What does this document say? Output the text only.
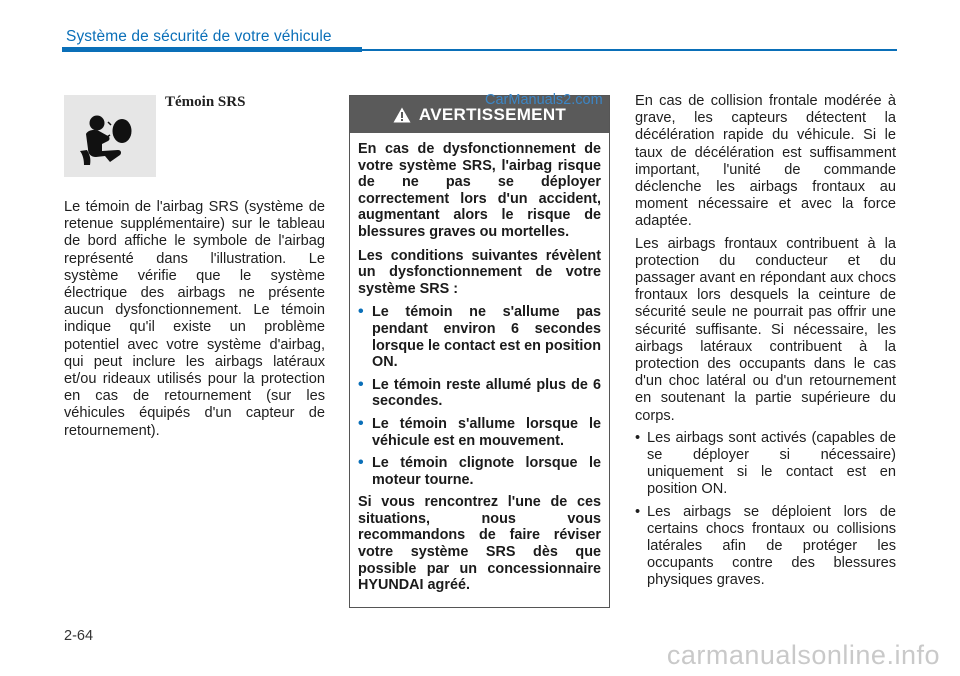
Système de sécurité de votre véhicule
Témoin SRS

Le témoin de l'airbag SRS (système de retenue supplémentaire) sur le tableau de bord affiche le symbole de l'airbag représenté dans l'illustration. Le système vérifie que le système électrique des airbags ne présente aucun dysfonctionnement. Le témoin indique qu'il existe un problème potentiel avec votre système d'airbag, qui peut inclure les airbags latéraux et/ou rideaux utilisés pour la protection en cas de retournement (sur les véhicules équipés d'un capteur de retournement).

AVERTISSEMENT

En cas de dysfonctionnement de votre système SRS, l'airbag risque de ne pas se déployer correctement lors d'un accident, augmentant alors le risque de blessures graves ou mortelles.

Les conditions suivantes révèlent un dysfonctionnement de votre système SRS :

• Le témoin ne s'allume pas pendant environ 6 secondes lorsque le contact est en position ON.
• Le témoin reste allumé plus de 6 secondes.
• Le témoin s'allume lorsque le véhicule est en mouvement.
• Le témoin clignote lorsque le moteur tourne.

Si vous rencontrez l'une de ces situations, nous vous recommandons de faire réviser votre système SRS dès que possible par un concessionnaire HYUNDAI agréé.

CarManuals2.com En cas de collision frontale modérée à grave, les capteurs détectent la décélération rapide du véhicule. Si le taux de décélération est suffisamment important, l'unité de commande déclenche les airbags frontaux au moment nécessaire et avec la force adaptée.

Les airbags frontaux contribuent à la protection du conducteur et du passager avant en répondant aux chocs frontaux lors desquels la ceinture de sécurité seule ne pourrait pas offrir une sécurité suffisante. Si nécessaire, les airbags latéraux contribuent à la protection des occupants dans le cas d'un choc latéral ou d'un retournement en soutenant la partie supérieure du corps.

• Les airbags sont activés (capables de se déployer si nécessaire) uniquement si le contact est en position ON.
• Les airbags se déploient lors de certains chocs frontaux ou collisions latérales afin de protéger les occupants contre des blessures physiques graves.
2-64
carmanualsonline.info
